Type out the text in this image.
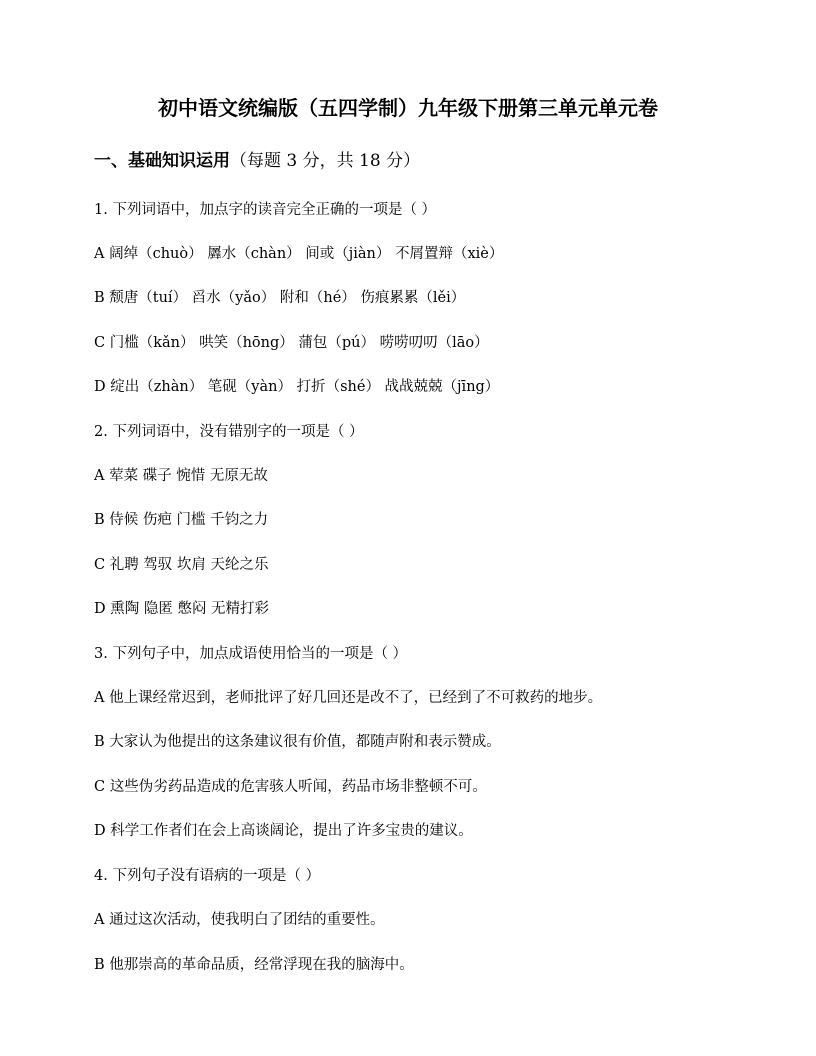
初中语文统编版（五四学制）九年级下册第三单元单元卷
一、基础知识运用（每题 3 分，共 18 分）
1. 下列词语中，加点字的读音完全正确的一项是（ ）
A 阔绰（chuò） 羼水（chàn） 间或（jiàn） 不屑置辩（xiè）
B 颓唐（tuí） 舀水（yǎo） 附和（hé） 伤痕累累（lěi）
C 门槛（kǎn） 哄笑（hōng） 蒲包（pú） 唠唠叨叨（lāo）
D 绽出（zhàn） 笔砚（yàn） 打折（shé） 战战兢兢（jīng）
2. 下列词语中，没有错别字的一项是（ ）
A 荤菜 碟子 惋惜 无原无故
B 侍候 伤疤 门槛 千钧之力
C 礼聘 驾驭 坎肩 天纶之乐
D 熏陶 隐匿 憋闷 无精打彩
3. 下列句子中，加点成语使用恰当的一项是（ ）
A 他上课经常迟到，老师批评了好几回还是改不了，已经到了不可救药的地步。
B 大家认为他提出的这条建议很有价值，都随声附和表示赞成。
C 这些伪劣药品造成的危害骇人听闻，药品市场非整顿不可。
D 科学工作者们在会上高谈阔论，提出了许多宝贵的建议。
4. 下列句子没有语病的一项是（ ）
A 通过这次活动，使我明白了团结的重要性。
B 他那崇高的革命品质，经常浮现在我的脑海中。
